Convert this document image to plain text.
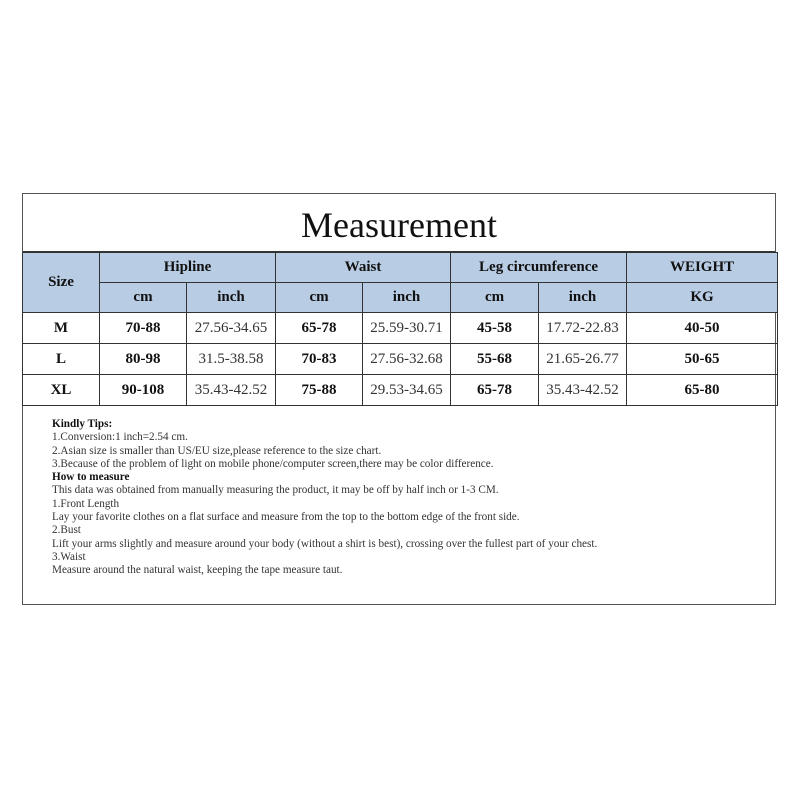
Measurement
Size	Hipline		Waist		Leg circumference		WEIGHT
	cm	inch	cm	inch	cm	inch	KG
M	70-88	27.56-34.65	65-78	25.59-30.71	45-58	17.72-22.83	40-50
L	80-98	31.5-38.58	70-83	27.56-32.68	55-68	21.65-26.77	50-65
XL	90-108	35.43-42.52	75-88	29.53-34.65	65-78	35.43-42.52	65-80
Kindly Tips:
1.Conversion:1 inch=2.54 cm.
2.Asian size is smaller than US/EU size,please reference to the size chart.
3.Because of the problem of light on mobile phone/computer screen,there may be color difference.
How to measure
This data was obtained from manually measuring the product, it may be off by half inch or 1-3 CM.
1.Front Length
Lay your favorite clothes on a flat surface and measure from the top to the bottom edge of the front side.
2.Bust
Lift your arms slightly and measure around your body (without a shirt is best), crossing over the fullest part of your chest.
3.Waist
Measure around the natural waist, keeping the tape measure taut.
